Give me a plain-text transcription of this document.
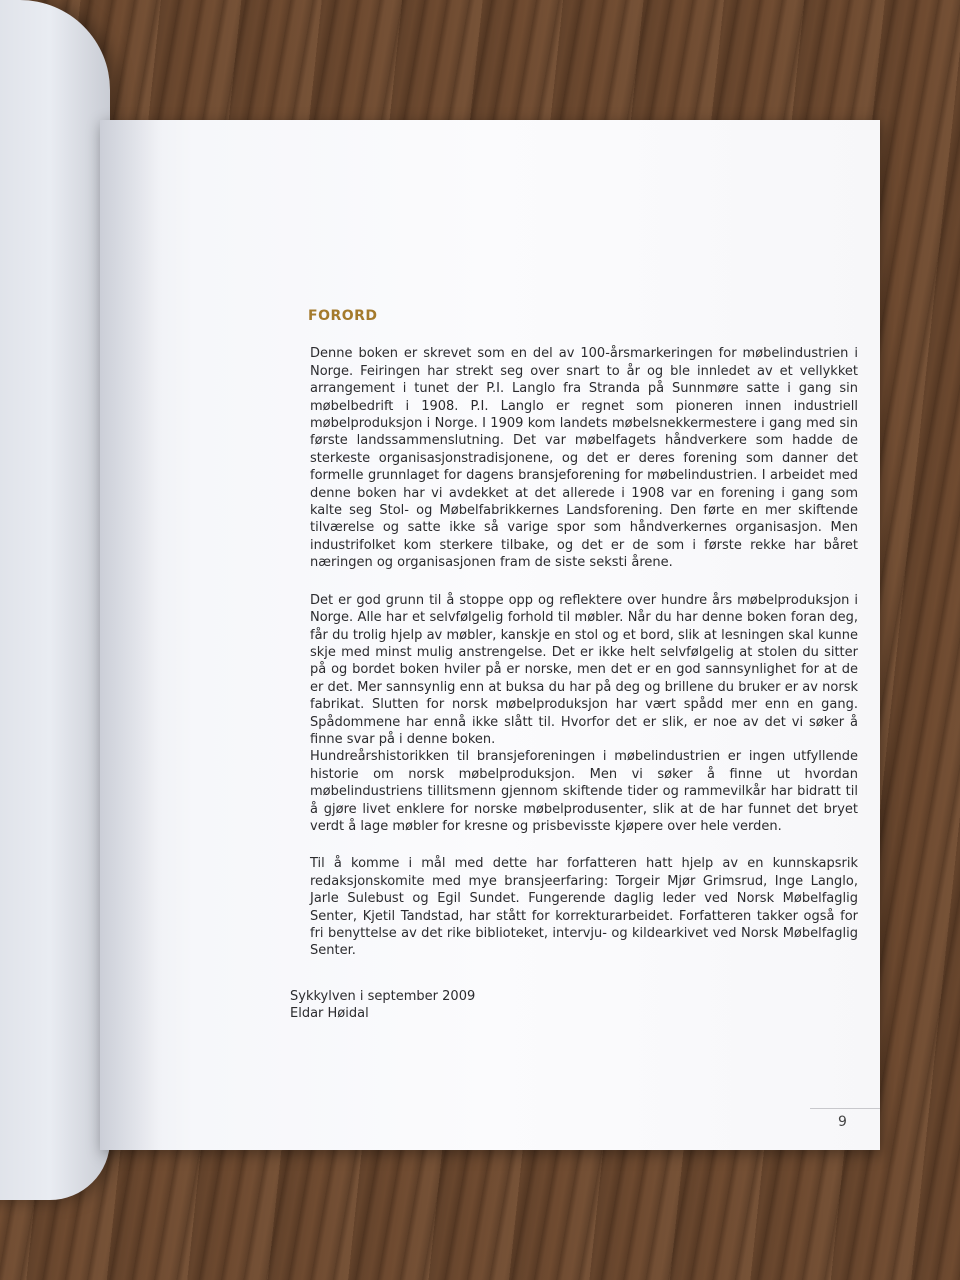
FORORD

Denne boken er skrevet som en del av 100-årsmarkeringen for møbelindustrien i Norge. Feiringen har strekt seg over snart to år og ble innledet av et vellykket arrangement i tunet der P.I. Langlo fra Stranda på Sunnmøre satte i gang sin møbelbedrift i 1908. P.I. Langlo er regnet som pioneren innen industriell møbelproduksjon i Norge. I 1909 kom landets møbelsnekkermestere i gang med sin første landssammenslutning. Det var møbelfagets håndverkere som hadde de sterkeste organisasjonstradisjonene, og det er deres forening som danner det formelle grunnlaget for dagens bransjeforening for møbelindustrien. I arbeidet med denne boken har vi avdekket at det allerede i 1908 var en forening i gang som kalte seg Stol- og Møbelfabrikkernes Landsforening. Den førte en mer skiftende tilværelse og satte ikke så varige spor som håndverkernes organisasjon. Men industrifolket kom sterkere tilbake, og det er de som i første rekke har båret næringen og organisasjonen fram de siste seksti årene.

Det er god grunn til å stoppe opp og reflektere over hundre års møbelproduksjon i Norge. Alle har et selvfølgelig forhold til møbler. Når du har denne boken foran deg, får du trolig hjelp av møbler, kanskje en stol og et bord, slik at lesningen skal kunne skje med minst mulig anstrengelse. Det er ikke helt selvfølgelig at stolen du sitter på og bordet boken hviler på er norske, men det er en god sannsynlighet for at de er det. Mer sannsynlig enn at buksa du har på deg og brillene du bruker er av norsk fabrikat. Slutten for norsk møbelproduksjon har vært spådd mer enn en gang. Spådommene har ennå ikke slått til. Hvorfor det er slik, er noe av det vi søker å finne svar på i denne boken.

Hundreårshistorikken til bransjeforeningen i møbelindustrien er ingen utfyllende historie om norsk møbelproduksjon. Men vi søker å finne ut hvordan møbelindustriens tillitsmenn gjennom skiftende tider og rammevilkår har bidratt til å gjøre livet enklere for norske møbelprodusenter, slik at de har funnet det bryet verdt å lage møbler for kresne og prisbevisste kjøpere over hele verden.

Til å komme i mål med dette har forfatteren hatt hjelp av en kunnskapsrik redaksjonskomite med mye bransjeerfaring: Torgeir Mjør Grimsrud, Inge Langlo, Jarle Sulebust og Egil Sundet. Fungerende daglig leder ved Norsk Møbelfaglig Senter, Kjetil Tandstad, har stått for korrekturarbeidet. Forfatteren takker også for fri benyttelse av det rike biblioteket, intervju- og kildearkivet ved Norsk Møbelfaglig Senter.

Sykkylven i september 2009
Eldar Høidal
9
